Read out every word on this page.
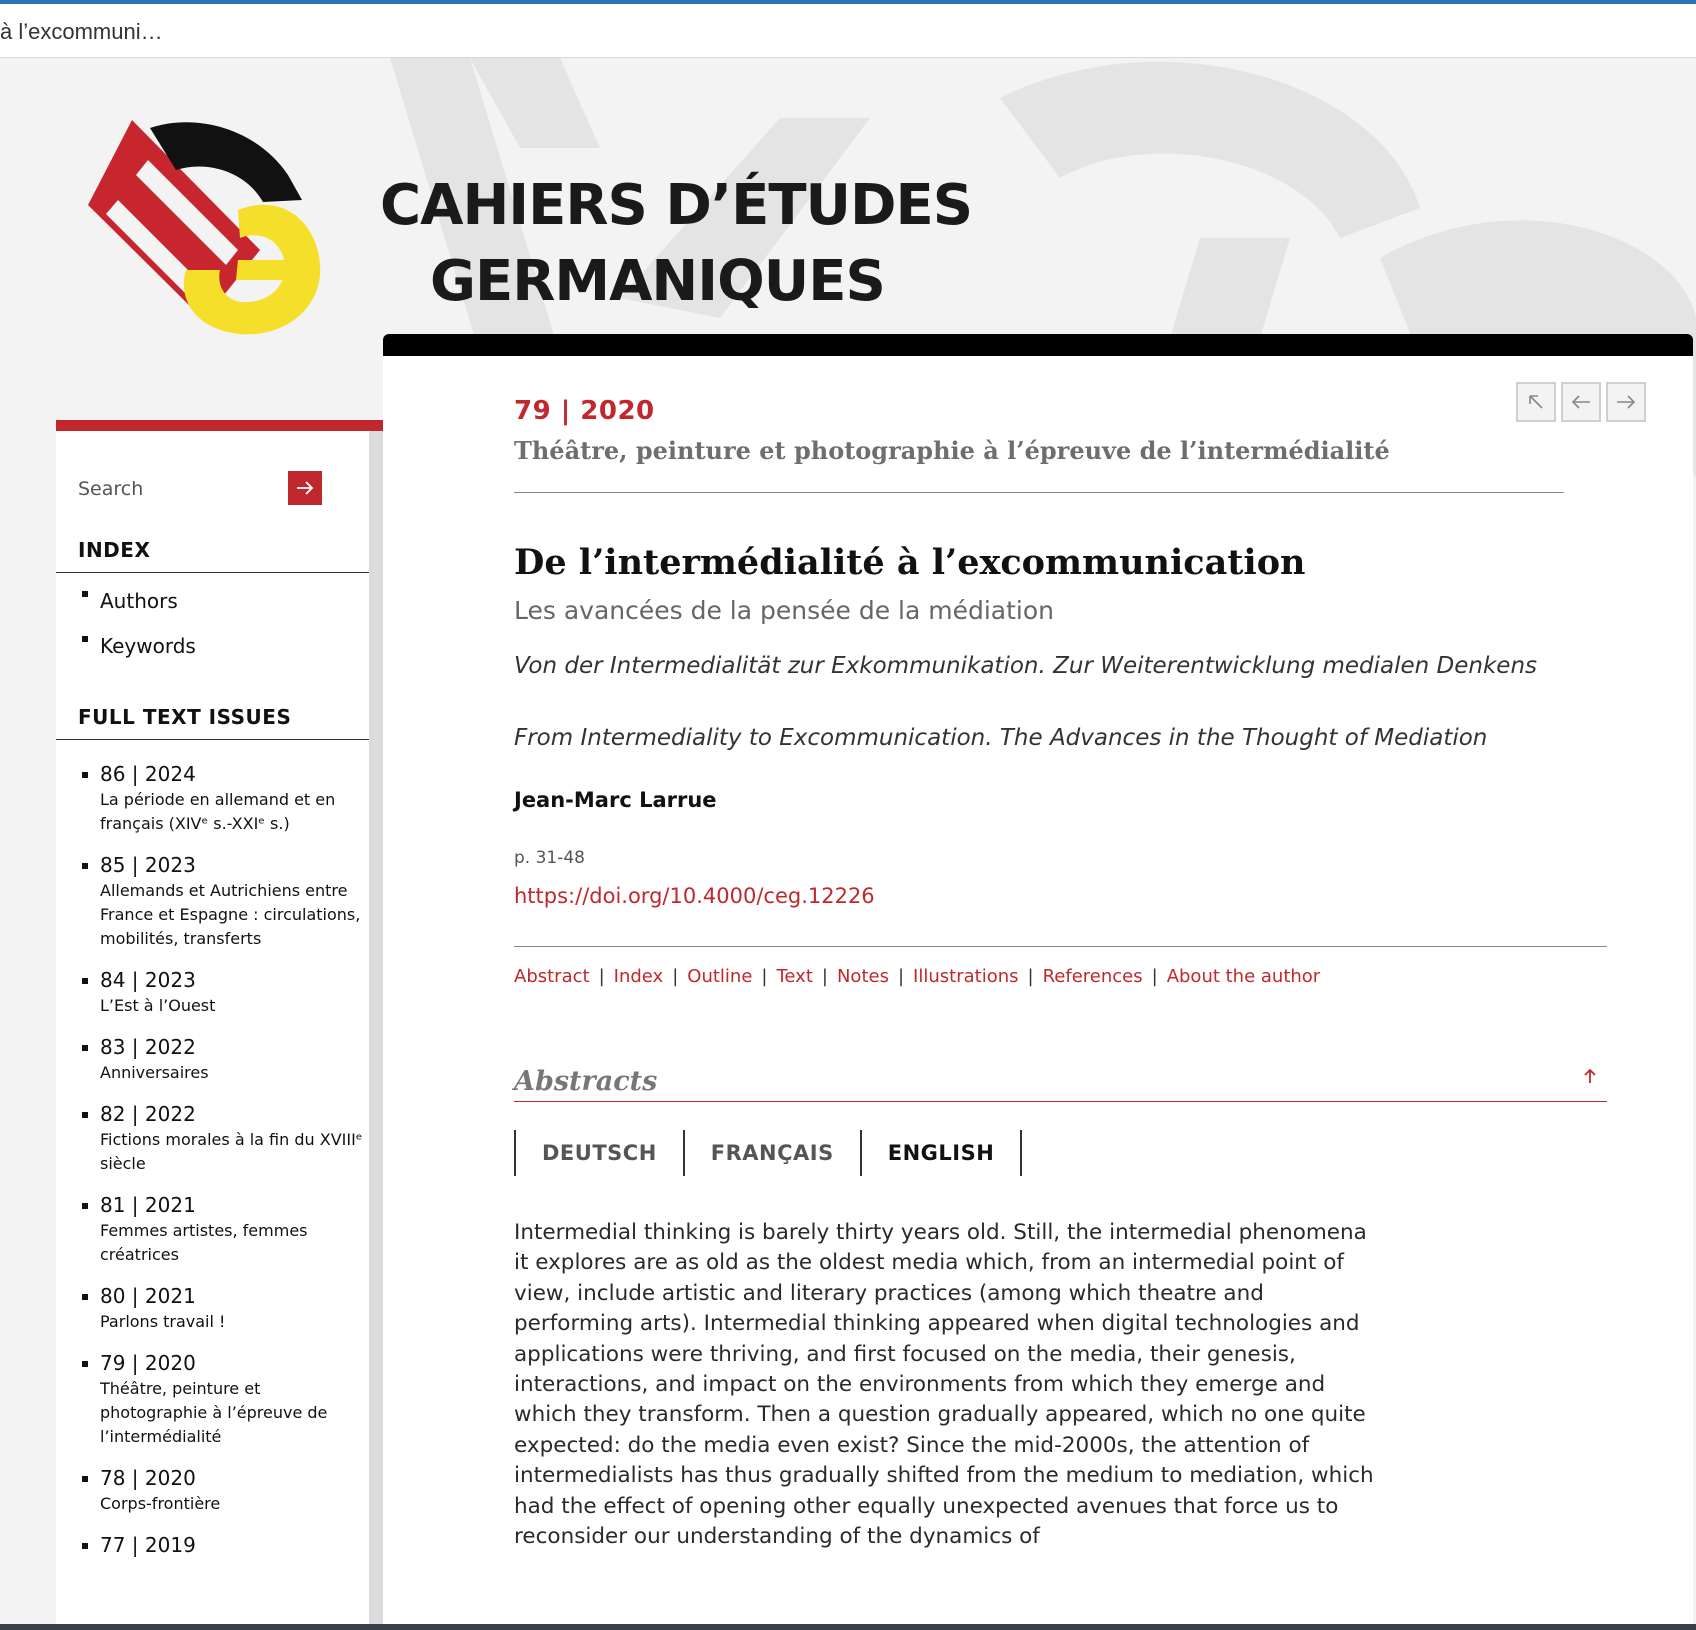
à l’excommuni…
CAHIERS D’ÉTUDES
GERMANIQUES
Search
INDEX
Authors
Keywords
FULL TEXT ISSUES
86 | 2024
La période en allemand et en français (XIVᵉ s.-XXIᵉ s.)
85 | 2023
Allemands et Autrichiens entre France et Espagne : circulations, mobilités, transferts
84 | 2023
L’Est à l’Ouest
83 | 2022
Anniversaires
82 | 2022
Fictions morales à la fin du XVIIIᵉ siècle
81 | 2021
Femmes artistes, femmes créatrices
80 | 2021
Parlons travail !
79 | 2020
Théâtre, peinture et photographie à l’épreuve de l’intermédialité
78 | 2020
Corps-frontière
77 | 2019
79 | 2020
Théâtre, peinture et photographie à l’épreuve de l’intermédialité
De l’intermédialité à l’excommunication
Les avancées de la pensée de la médiation
Von der Intermedialität zur Exkommunikation. Zur Weiterentwicklung medialen Denkens
From Intermediality to Excommunication. The Advances in the Thought of Mediation
Jean-Marc Larrue
p. 31-48
https://doi.org/10.4000/ceg.12226
Abstract | Index | Outline | Text | Notes | Illustrations | References | About the author
Abstracts
DEUTSCH	FRANÇAIS	ENGLISH

Intermedial thinking is barely thirty years old. Still, the intermedial phenomena it explores are as old as the oldest media which, from an intermedial point of view, include artistic and literary practices (among which theatre and performing arts). Intermedial thinking appeared when digital technologies and applications were thriving, and first focused on the media, their genesis, interactions, and impact on the environments from which they emerge and which they transform. Then a question gradually appeared, which no one quite expected: do the media even exist? Since the mid-2000s, the attention of intermedialists has thus gradually shifted from the medium to mediation, which had the effect of opening other equally unexpected avenues that force us to reconsider our understanding of the dynamics of
